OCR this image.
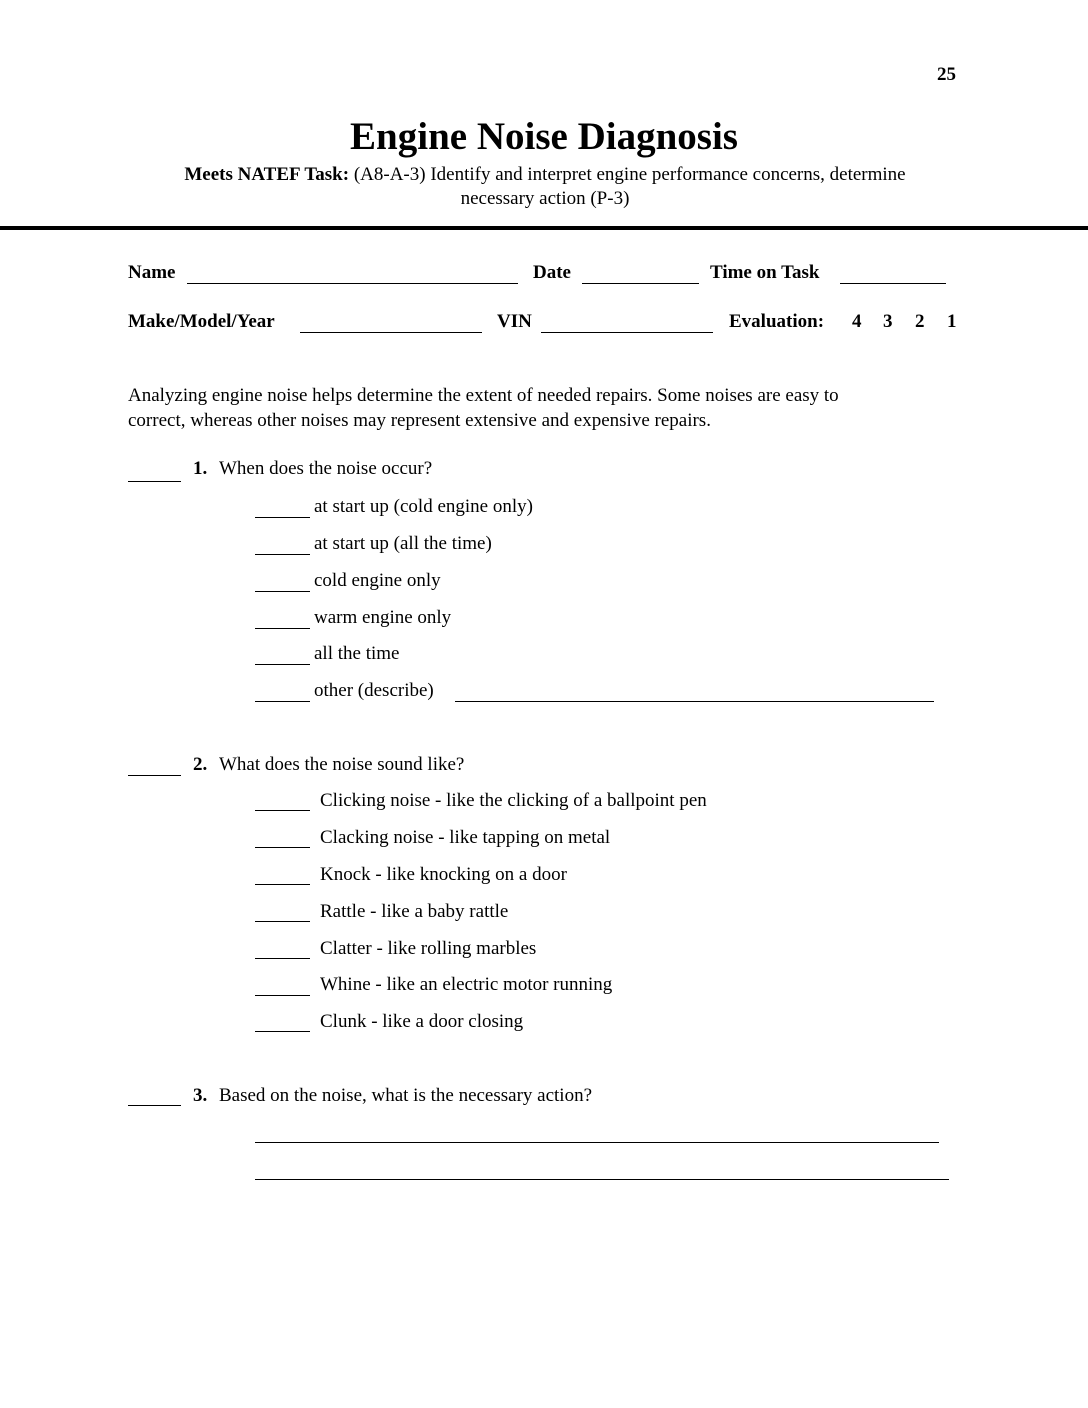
25
Engine Noise Diagnosis
Meets NATEF Task: (A8-A-3) Identify and interpret engine performance concerns, determine
necessary action (P-3)
Name	Date	Time on Task
Make/Model/Year	VIN	Evaluation: 4 3 2 1
Analyzing engine noise helps determine the extent of needed repairs. Some noises are easy to
correct, whereas other noises may represent extensive and expensive repairs.
1. When does the noise occur?
at start up (cold engine only)
at start up (all the time)
cold engine only
warm engine only
all the time
other (describe)
2. What does the noise sound like?
Clicking noise - like the clicking of a ballpoint pen
Clacking noise - like tapping on metal
Knock - like knocking on a door
Rattle - like a baby rattle
Clatter - like rolling marbles
Whine - like an electric motor running
Clunk - like a door closing
3. Based on the noise, what is the necessary action?
